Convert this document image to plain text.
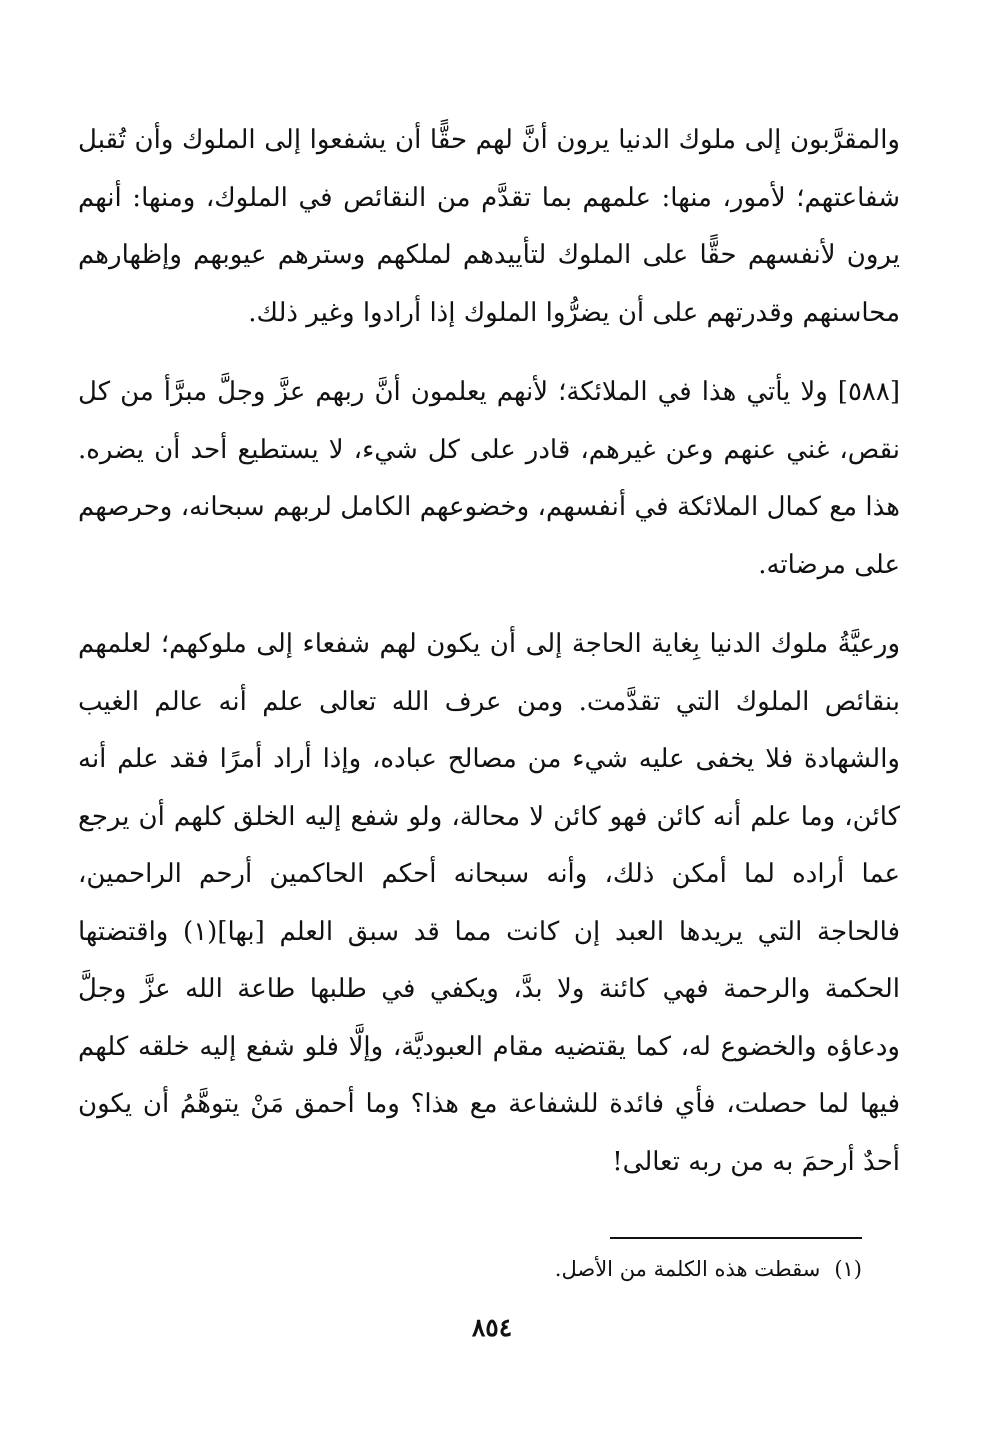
والمقرَّبون إلى ملوك الدنيا يرون أنَّ لهم حقًّا أن يشفعوا إلى الملوك وأن تُقبل شفاعتهم؛ لأمور، منها: علمهم بما تقدَّم من النقائص في الملوك، ومنها: أنهم يرون لأنفسهم حقًّا على الملوك لتأييدهم لملكهم وسترهم عيوبهم وإظهارهم محاسنهم وقدرتهم على أن يضرُّوا الملوك إذا أرادوا وغير ذلك.

[٥٨٨] ولا يأتي هذا في الملائكة؛ لأنهم يعلمون أنَّ ربهم عزَّ وجلَّ مبرَّأ من كل نقص، غني عنهم وعن غيرهم، قادر على كل شيء، لا يستطيع أحد أن يضره. هذا مع كمال الملائكة في أنفسهم، وخضوعهم الكامل لربهم سبحانه، وحرصهم على مرضاته.

ورعيَّةُ ملوك الدنيا بِغاية الحاجة إلى أن يكون لهم شفعاء إلى ملوكهم؛ لعلمهم بنقائص الملوك التي تقدَّمت. ومن عرف الله تعالى علم أنه عالم الغيب والشهادة فلا يخفى عليه شيء من مصالح عباده، وإذا أراد أمرًا فقد علم أنه كائن، وما علم أنه كائن فهو كائن لا محالة، ولو شفع إليه الخلق كلهم أن يرجع عما أراده لما أمكن ذلك، وأنه سبحانه أحكم الحاكمين أرحم الراحمين، فالحاجة التي يريدها العبد إن كانت مما قد سبق العلم [بها](١) واقتضتها الحكمة والرحمة فهي كائنة ولا بدَّ، ويكفي في طلبها طاعة الله عزَّ وجلَّ ودعاؤه والخضوع له، كما يقتضيه مقام العبوديَّة، وإلَّا فلو شفع إليه خلقه كلهم فيها لما حصلت، فأي فائدة للشفاعة مع هذا؟ وما أحمق مَنْ يتوهَّمُ أن يكون أحدٌ أرحمَ به من ربه تعالى!

(١)سقطت هذه الكلمة من الأصل.
٨٥٤
